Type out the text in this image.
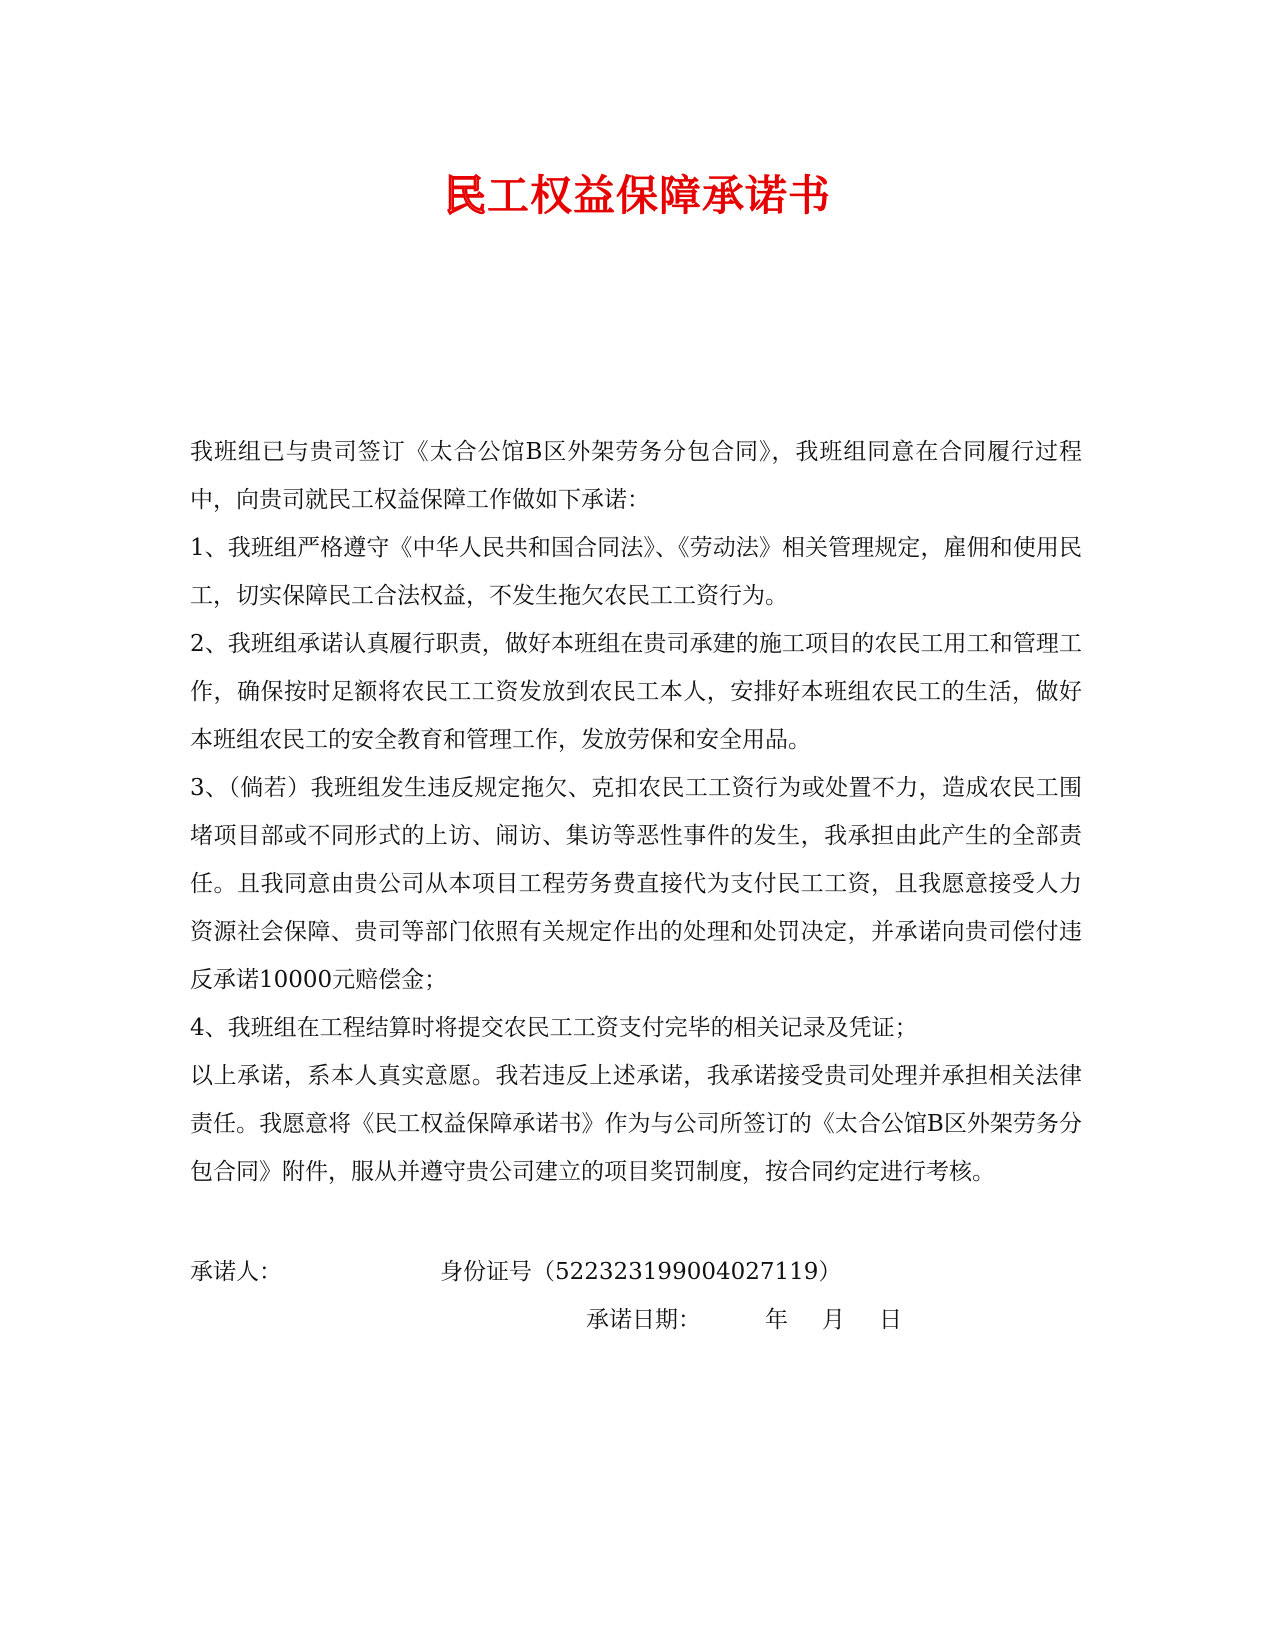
民工权益保障承诺书

我班组已与贵司签订《太合公馆B区外架劳务分包合同》，我班组同意在合同履行过程中，向贵司就民工权益保障工作做如下承诺：

1、我班组严格遵守《中华人民共和国合同法》、《劳动法》相关管理规定，雇佣和使用民工，切实保障民工合法权益，不发生拖欠农民工工资行为。

2、我班组承诺认真履行职责，做好本班组在贵司承建的施工项目的农民工用工和管理工作，确保按时足额将农民工工资发放到农民工本人，安排好本班组农民工的生活，做好本班组农民工的安全教育和管理工作，发放劳保和安全用品。

3、（倘若）我班组发生违反规定拖欠、克扣农民工工资行为或处置不力，造成农民工围堵项目部或不同形式的上访、闹访、集访等恶性事件的发生，我承担由此产生的全部责任。且我同意由贵公司从本项目工程劳务费直接代为支付民工工资，且我愿意接受人力资源社会保障、贵司等部门依照有关规定作出的处理和处罚决定，并承诺向贵司偿付违反承诺10000元赔偿金；

4、我班组在工程结算时将提交农民工工资支付完毕的相关记录及凭证；

以上承诺，系本人真实意愿。我若违反上述承诺，我承诺接受贵司处理并承担相关法律责任。我愿意将《民工权益保障承诺书》作为与公司所签订的《太合公馆B区外架劳务分包合同》附件，服从并遵守贵公司建立的项目奖罚制度，按合同约定进行考核。

承诺人：	身份证号（522323199004027119）
承诺日期：	年 月 日
